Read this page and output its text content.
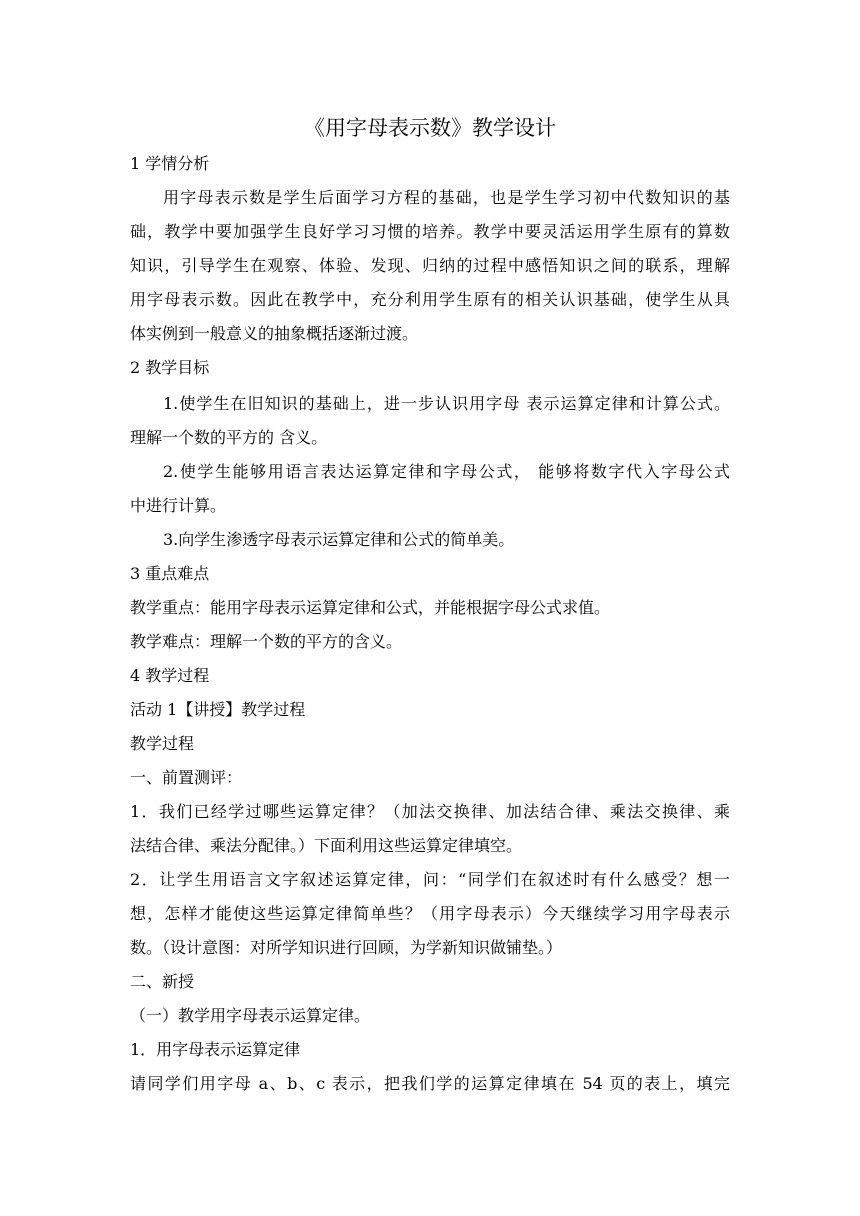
《用字母表示数》教学设计
1 学情分析
用字母表示数是学生后面学习方程的基础，也是学生学习初中代数知识的基
础，教学中要加强学生良好学习习惯的培养。教学中要灵活运用学生原有的算数
知识，引导学生在观察、体验、发现、归纳的过程中感悟知识之间的联系，理解
用字母表示数。因此在教学中，充分利用学生原有的相关认识基础，使学生从具
体实例到一般意义的抽象概括逐渐过渡。
2 教学目标
1.使学生在旧知识的基础上，进一步认识用字母 表示运算定律和计算公式。
理解一个数的平方的 含义。
2.使学生能够用语言表达运算定律和字母公式， 能够将数字代入字母公式
中进行计算。
3.向学生渗透字母表示运算定律和公式的简单美。
3 重点难点
教学重点：能用字母表示运算定律和公式，并能根据字母公式求值。
教学难点：理解一个数的平方的含义。
4 教学过程
活动 1【讲授】教学过程
教学过程
一、前置测评：
1．我们已经学过哪些运算定律？（加法交换律、加法结合律、乘法交换律、乘
法结合律、乘法分配律。）下面利用这些运算定律填空。
2．让学生用语言文字叙述运算定律，问：“同学们在叙述时有什么感受？想一
想，怎样才能使这些运算定律简单些？（用字母表示）今天继续学习用字母表示
数。（设计意图：对所学知识进行回顾，为学新知识做铺垫。）
二、新授
（一）教学用字母表示运算定律。
1．用字母表示运算定律
请同学们用字母 a、b、c 表示，把我们学的运算定律填在 54 页的表上，填完
